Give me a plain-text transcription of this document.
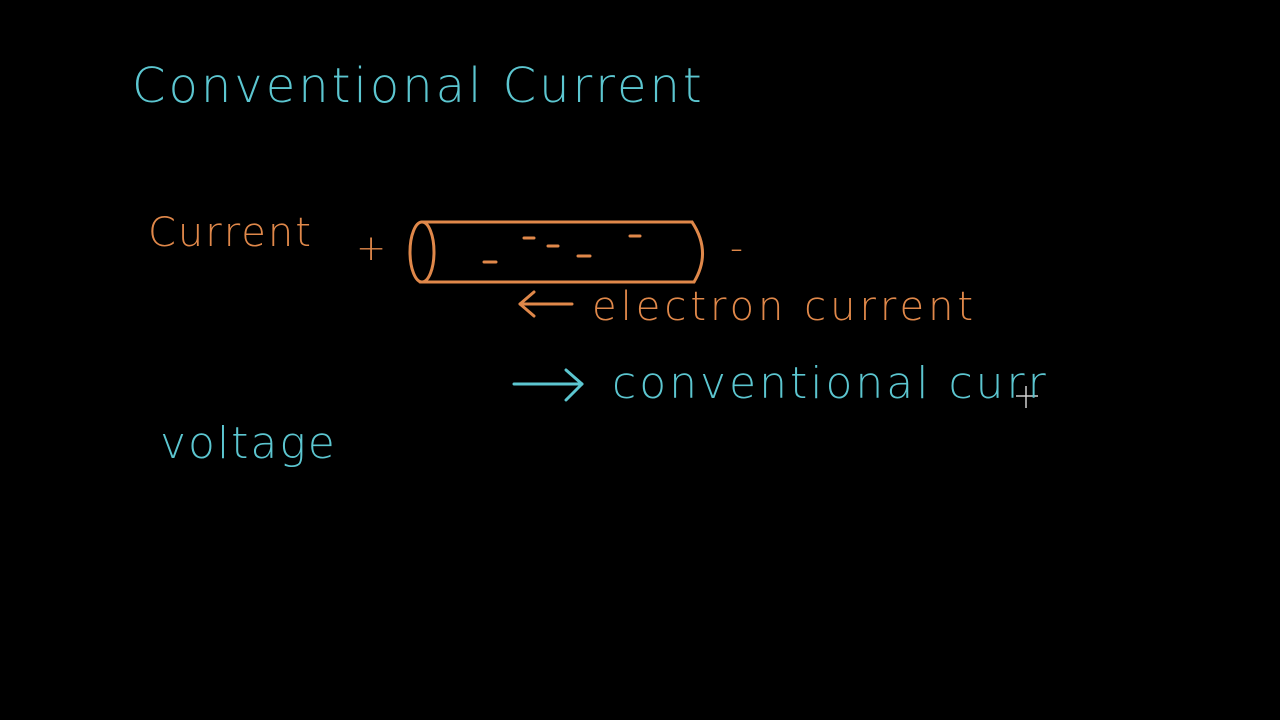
Conventional Current

Current +	-

electron current

conventional curr

voltage
